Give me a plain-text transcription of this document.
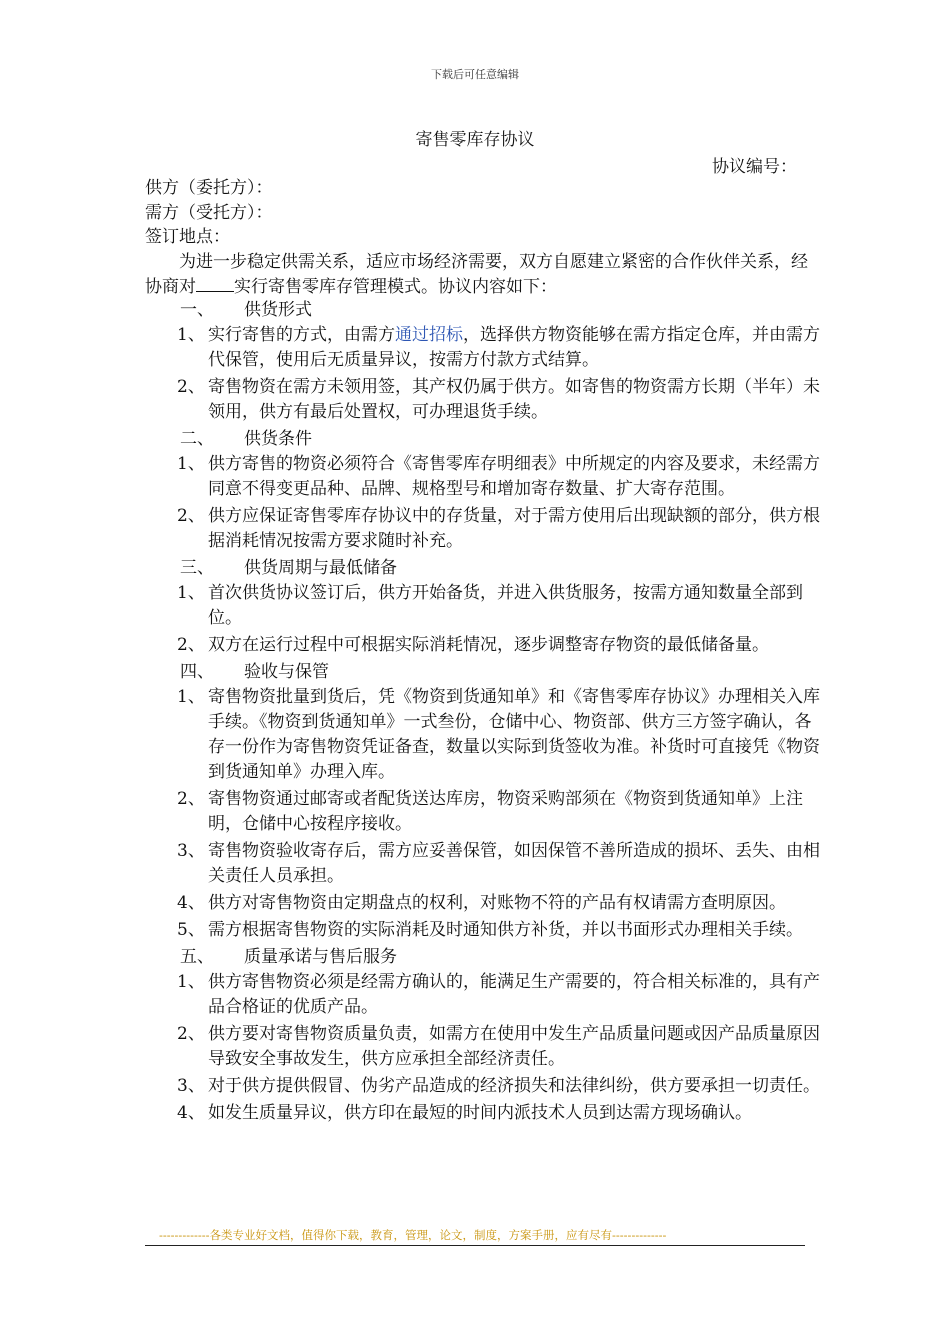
下载后可任意编辑
寄售零库存协议
协议编号：
供方（委托方）：
需方（受托方）：
签订地点：
为进一步稳定供需关系，适应市场经济需要，双方自愿建立紧密的合作伙伴关系，经协商对 实行寄售零库存管理模式。协议内容如下：
一、 供货形式
1、 实行寄售的方式，由需方通过招标，选择供方物资能够在需方指定仓库，并由需方代保管，使用后无质量异议，按需方付款方式结算。
2、 寄售物资在需方未领用签，其产权仍属于供方。如寄售的物资需方长期（半年）未领用，供方有最后处置权，可办理退货手续。
二、 供货条件
1、 供方寄售的物资必须符合《寄售零库存明细表》中所规定的内容及要求，未经需方同意不得变更品种、品牌、规格型号和增加寄存数量、扩大寄存范围。
2、 供方应保证寄售零库存协议中的存货量，对于需方使用后出现缺额的部分，供方根据消耗情况按需方要求随时补充。
三、 供货周期与最低储备
1、 首次供货协议签订后，供方开始备货，并进入供货服务，按需方通知数量全部到位。
2、 双方在运行过程中可根据实际消耗情况，逐步调整寄存物资的最低储备量。
四、 验收与保管
1、 寄售物资批量到货后，凭《物资到货通知单》和《寄售零库存协议》办理相关入库手续。《物资到货通知单》一式叁份，仓储中心、物资部、供方三方签字确认，各存一份作为寄售物资凭证备查，数量以实际到货签收为准。补货时可直接凭《物资到货通知单》办理入库。
2、 寄售物资通过邮寄或者配货送达库房，物资采购部须在《物资到货通知单》上注明，仓储中心按程序接收。
3、 寄售物资验收寄存后，需方应妥善保管，如因保管不善所造成的损坏、丢失、由相关责任人员承担。
4、 供方对寄售物资由定期盘点的权利，对账物不符的产品有权请需方查明原因。
5、 需方根据寄售物资的实际消耗及时通知供方补货，并以书面形式办理相关手续。
五、 质量承诺与售后服务
1、 供方寄售物资必须是经需方确认的，能满足生产需要的，符合相关标准的，具有产品合格证的优质产品。
2、 供方要对寄售物资质量负责，如需方在使用中发生产品质量问题或因产品质量原因导致安全事故发生，供方应承担全部经济责任。
3、 对于供方提供假冒、伪劣产品造成的经济损失和法律纠纷，供方要承担一切责任。
4、 如发生质量异议，供方印在最短的时间内派技术人员到达需方现场确认。
-------------各类专业好文档，值得你下载，教育，管理，论文，制度，方案手册，应有尽有--------------
